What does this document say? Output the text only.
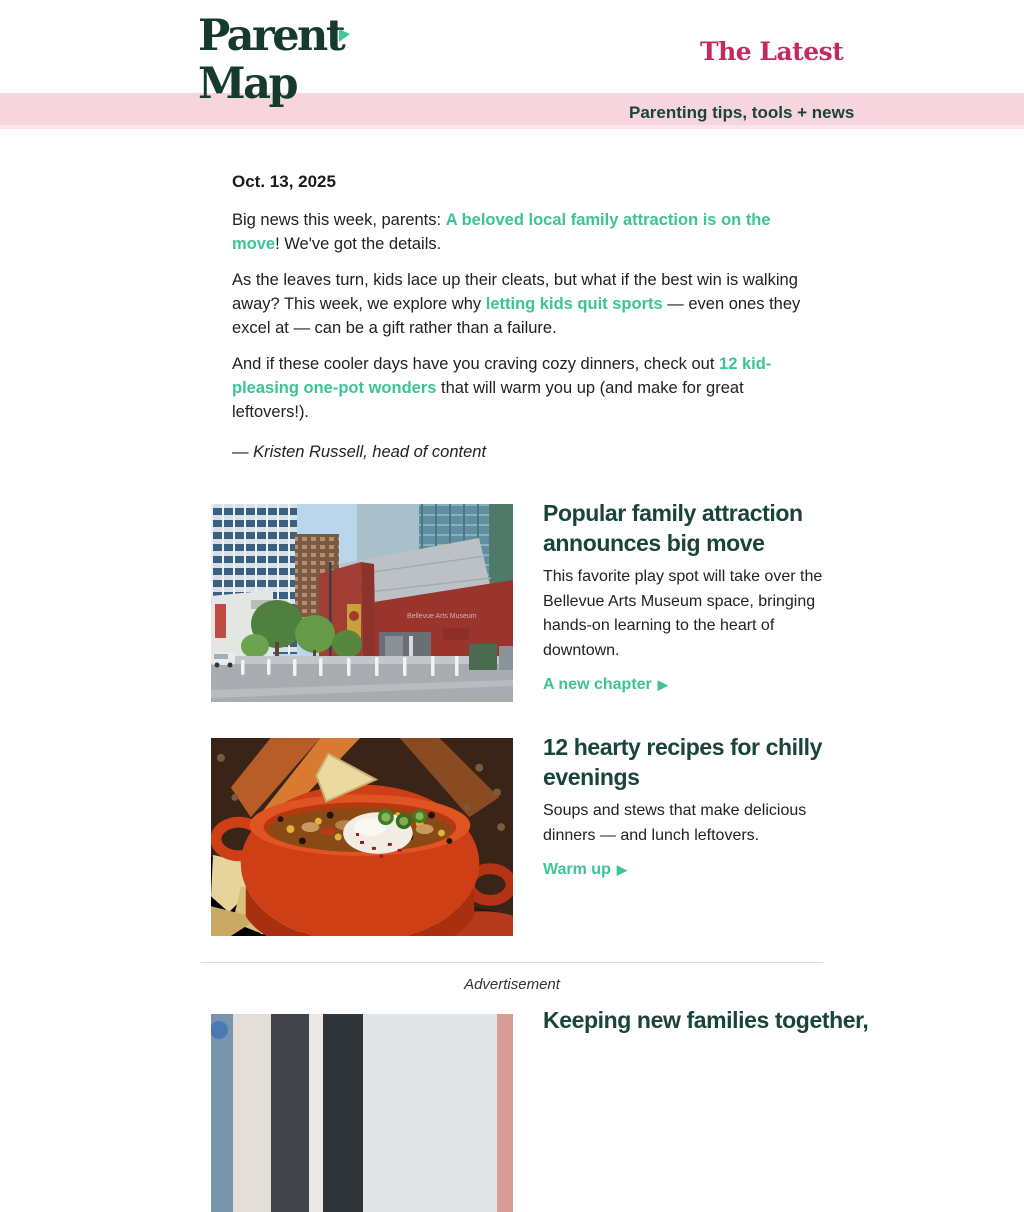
Parent
Map
The Latest
Parenting tips, tools + news
Oct. 13, 2025

Big news this week, parents: A beloved local family attraction is on the move! We've got the details.

As the leaves turn, kids lace up their cleats, but what if the best win is walking away? This week, we explore why letting kids quit sports — even ones they excel at — can be a gift rather than a failure.

And if these cooler days have you craving cozy dinners, check out 12 kid-pleasing one-pot wonders that will warm you up (and make for great leftovers!).

— Kristen Russell, head of content
Bellevue Arts Museum
Popular family attraction announces big move
This favorite play spot will take over the Bellevue Arts Museum space, bringing hands-on learning to the heart of downtown.
A new chapter ▶
12 hearty recipes for chilly evenings
Soups and stews that make delicious dinners — and lunch leftovers.
Warm up ▶
Advertisement
Keeping new families together,
